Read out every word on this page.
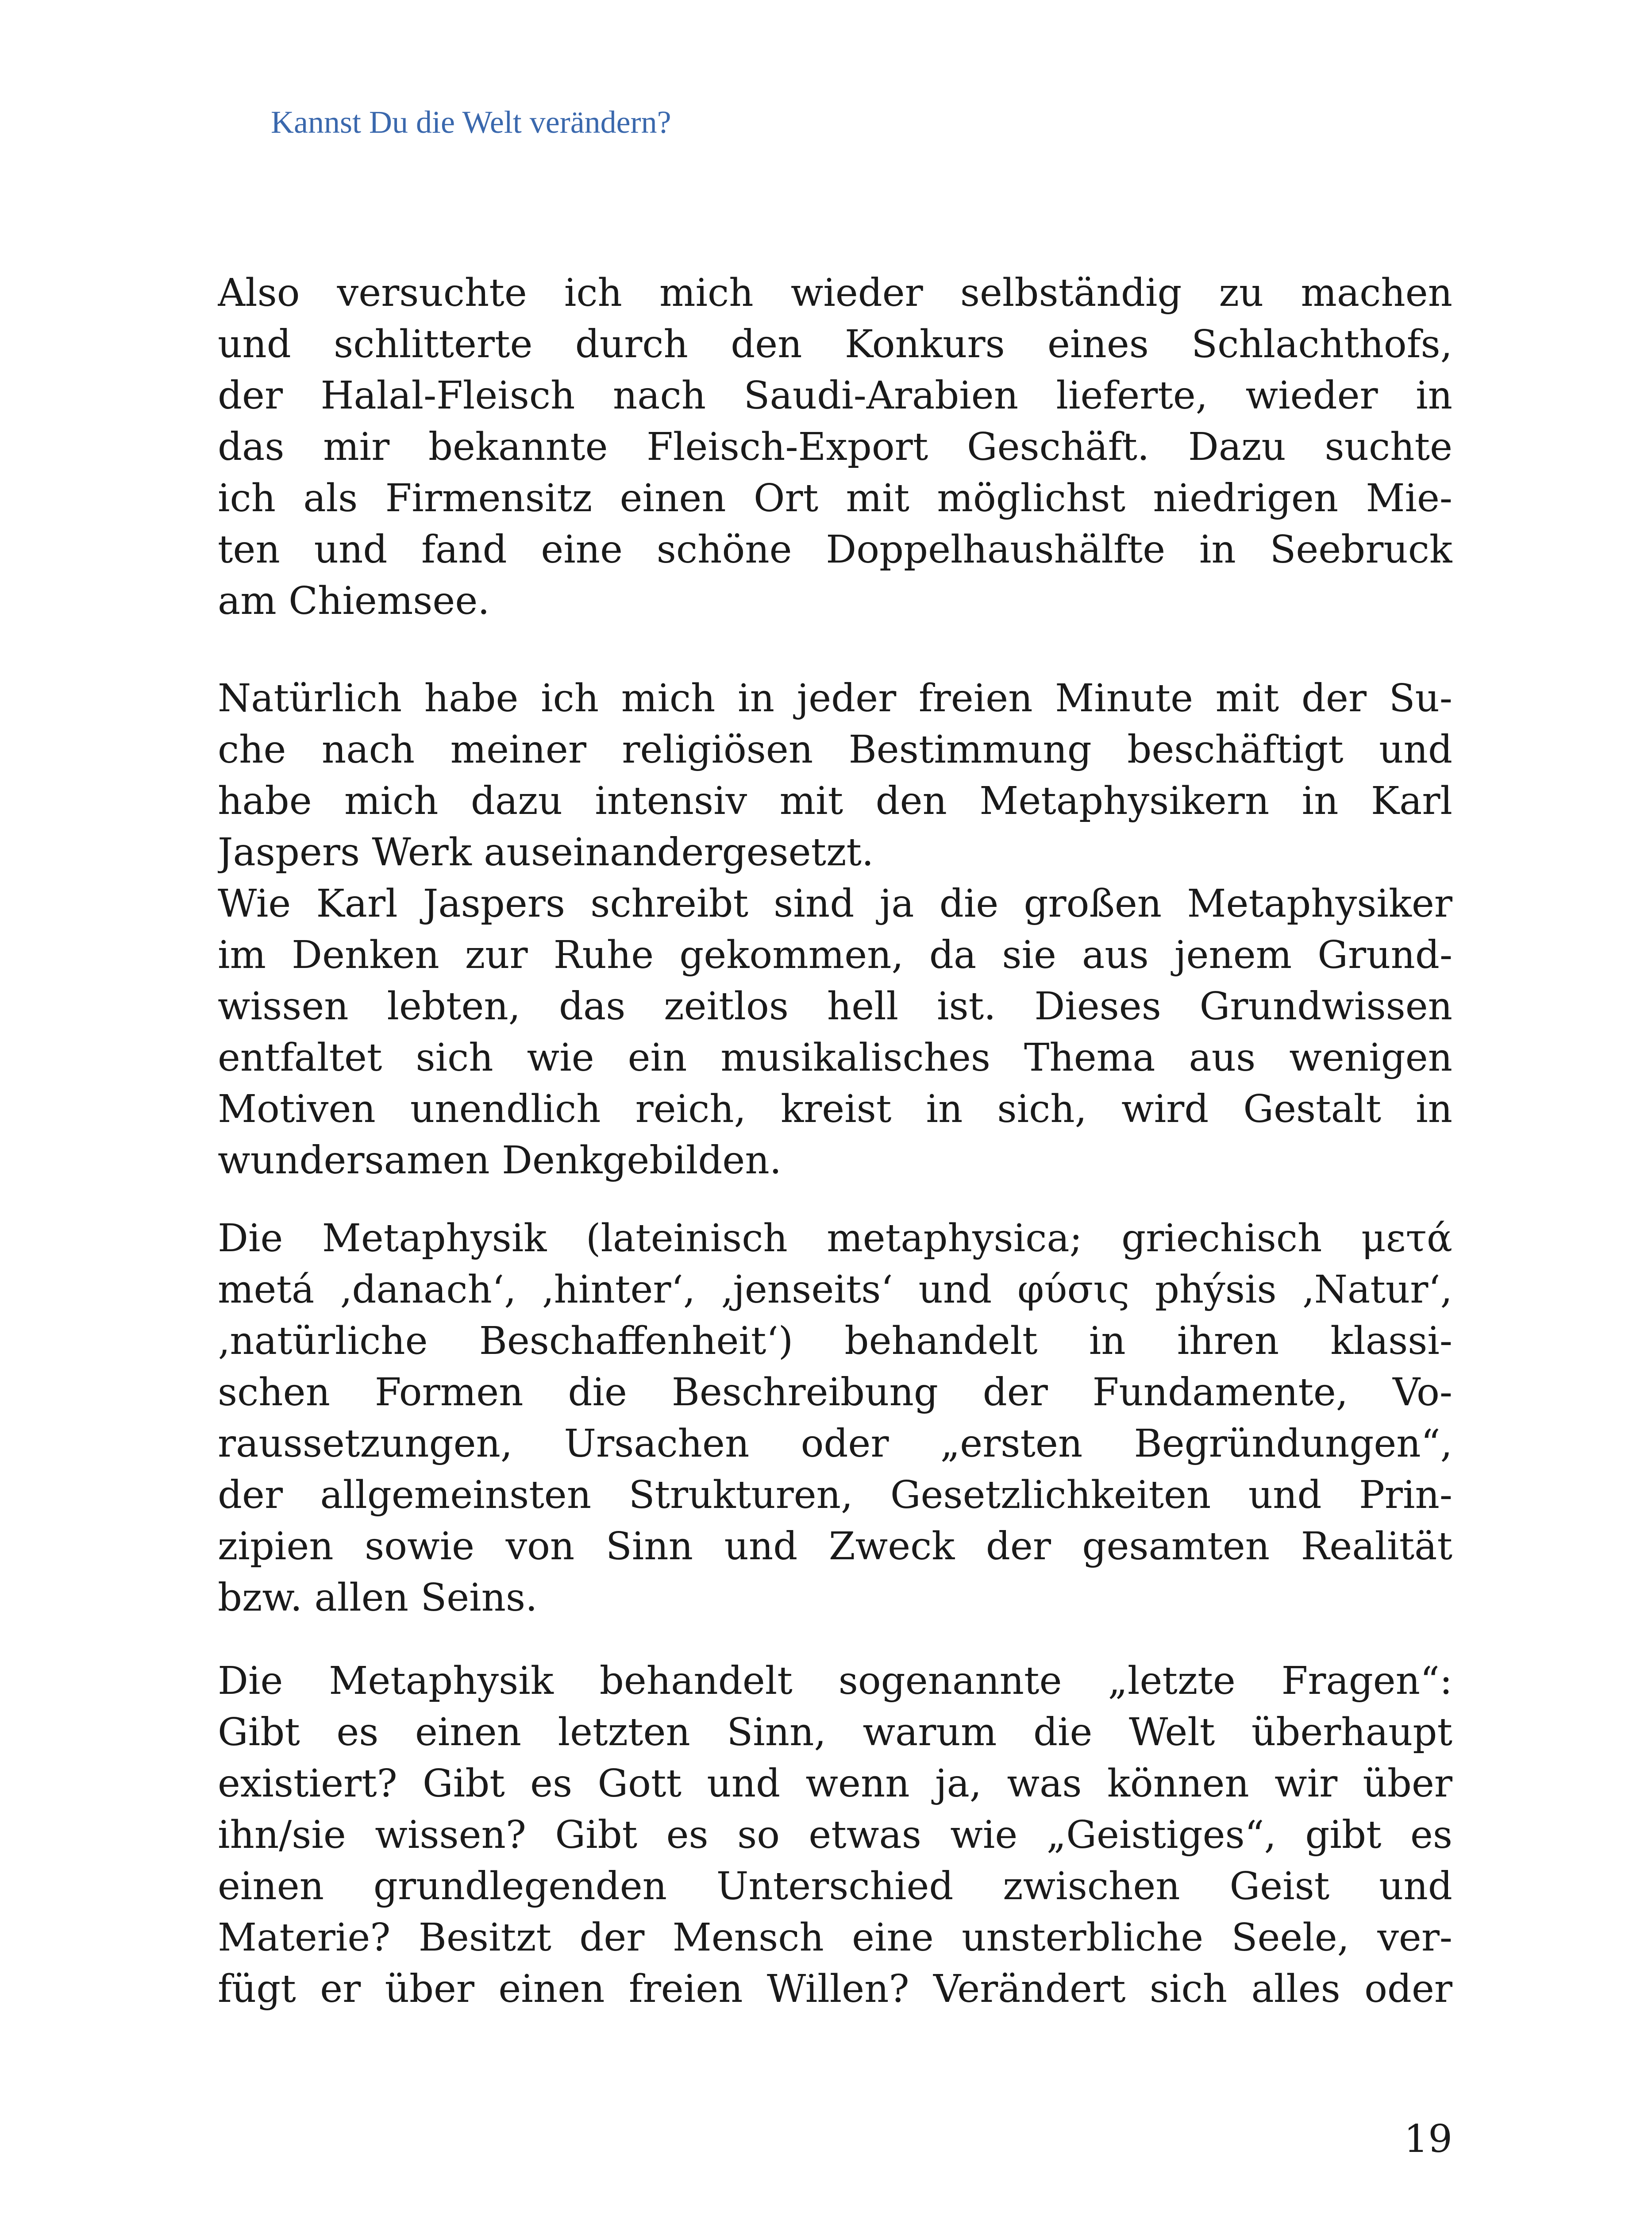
Kannst Du die Welt verändern?
Also versuchte ich mich wieder selbständig zu machen
und schlitterte durch den Konkurs eines Schlachthofs,
der Halal-Fleisch nach Saudi-Arabien lieferte, wieder in
das mir bekannte Fleisch-Export Geschäft. Dazu suchte
ich als Firmensitz einen Ort mit möglichst niedrigen Mie-
ten und fand eine schöne Doppelhaushälfte in Seebruck
am Chiemsee.
Natürlich habe ich mich in jeder freien Minute mit der Su-
che nach meiner religiösen Bestimmung beschäftigt und
habe mich dazu intensiv mit den Metaphysikern in Karl
Jaspers Werk auseinandergesetzt.
Wie Karl Jaspers schreibt sind ja die großen Metaphysiker
im Denken zur Ruhe gekommen, da sie aus jenem Grund-
wissen lebten, das zeitlos hell ist. Dieses Grundwissen
entfaltet sich wie ein musikalisches Thema aus wenigen
Motiven unendlich reich, kreist in sich, wird Gestalt in
wundersamen Denkgebilden.
Die Metaphysik (lateinisch metaphysica; griechisch μετά
metá ‚danach‘, ‚hinter‘, ‚jenseits‘ und φύσις phýsis ‚Natur‘,
‚natürliche Beschaffenheit‘) behandelt in ihren klassi-
schen Formen die Beschreibung der Fundamente, Vo-
raussetzungen, Ursachen oder „ersten Begründungen“,
der allgemeinsten Strukturen, Gesetzlichkeiten und Prin-
zipien sowie von Sinn und Zweck der gesamten Realität
bzw. allen Seins.
Die Metaphysik behandelt sogenannte „letzte Fragen“:
Gibt es einen letzten Sinn, warum die Welt überhaupt
existiert? Gibt es Gott und wenn ja, was können wir über
ihn/sie wissen? Gibt es so etwas wie „Geistiges“, gibt es
einen grundlegenden Unterschied zwischen Geist und
Materie? Besitzt der Mensch eine unsterbliche Seele, ver-
fügt er über einen freien Willen? Verändert sich alles oder
19
